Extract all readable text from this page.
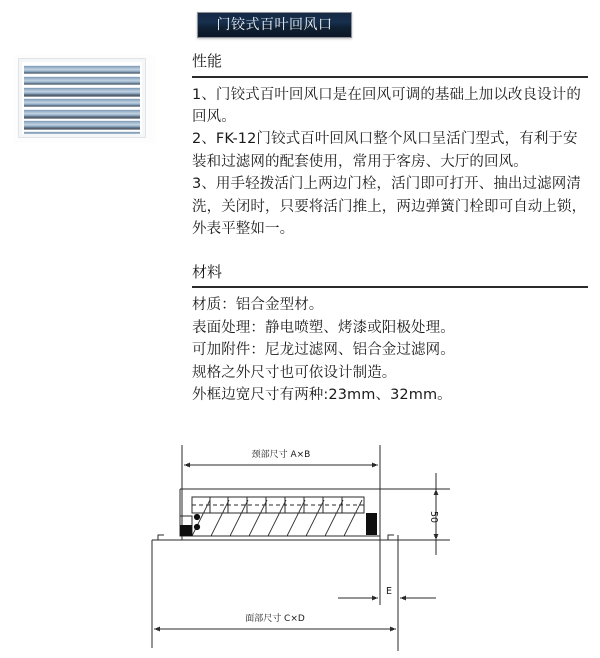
门铰式百叶回风口
性能

1、门铰式百叶回风口是在回风可调的基础上加以改良设计的回风。

2、FK-12门铰式百叶回风口整个风口呈活门型式，有利于安装和过滤网的配套使用，常用于客房、大厅的回风。

3、用手轻拨活门上两边门栓，活门即可打开、抽出过滤网清洗，关闭时，只要将活门推上，两边弹簧门栓即可自动上锁，外表平整如一。

材料

材质：铝合金型材。

表面处理：静电喷塑、烤漆或阳极处理。

可加附件：尼龙过滤网、铝合金过滤网。

规格之外尺寸也可依设计制造。

外框边宽尺寸有两种:23mm、32mm。

颈部尺寸 A×B
面部尺寸 C×D
E
50
